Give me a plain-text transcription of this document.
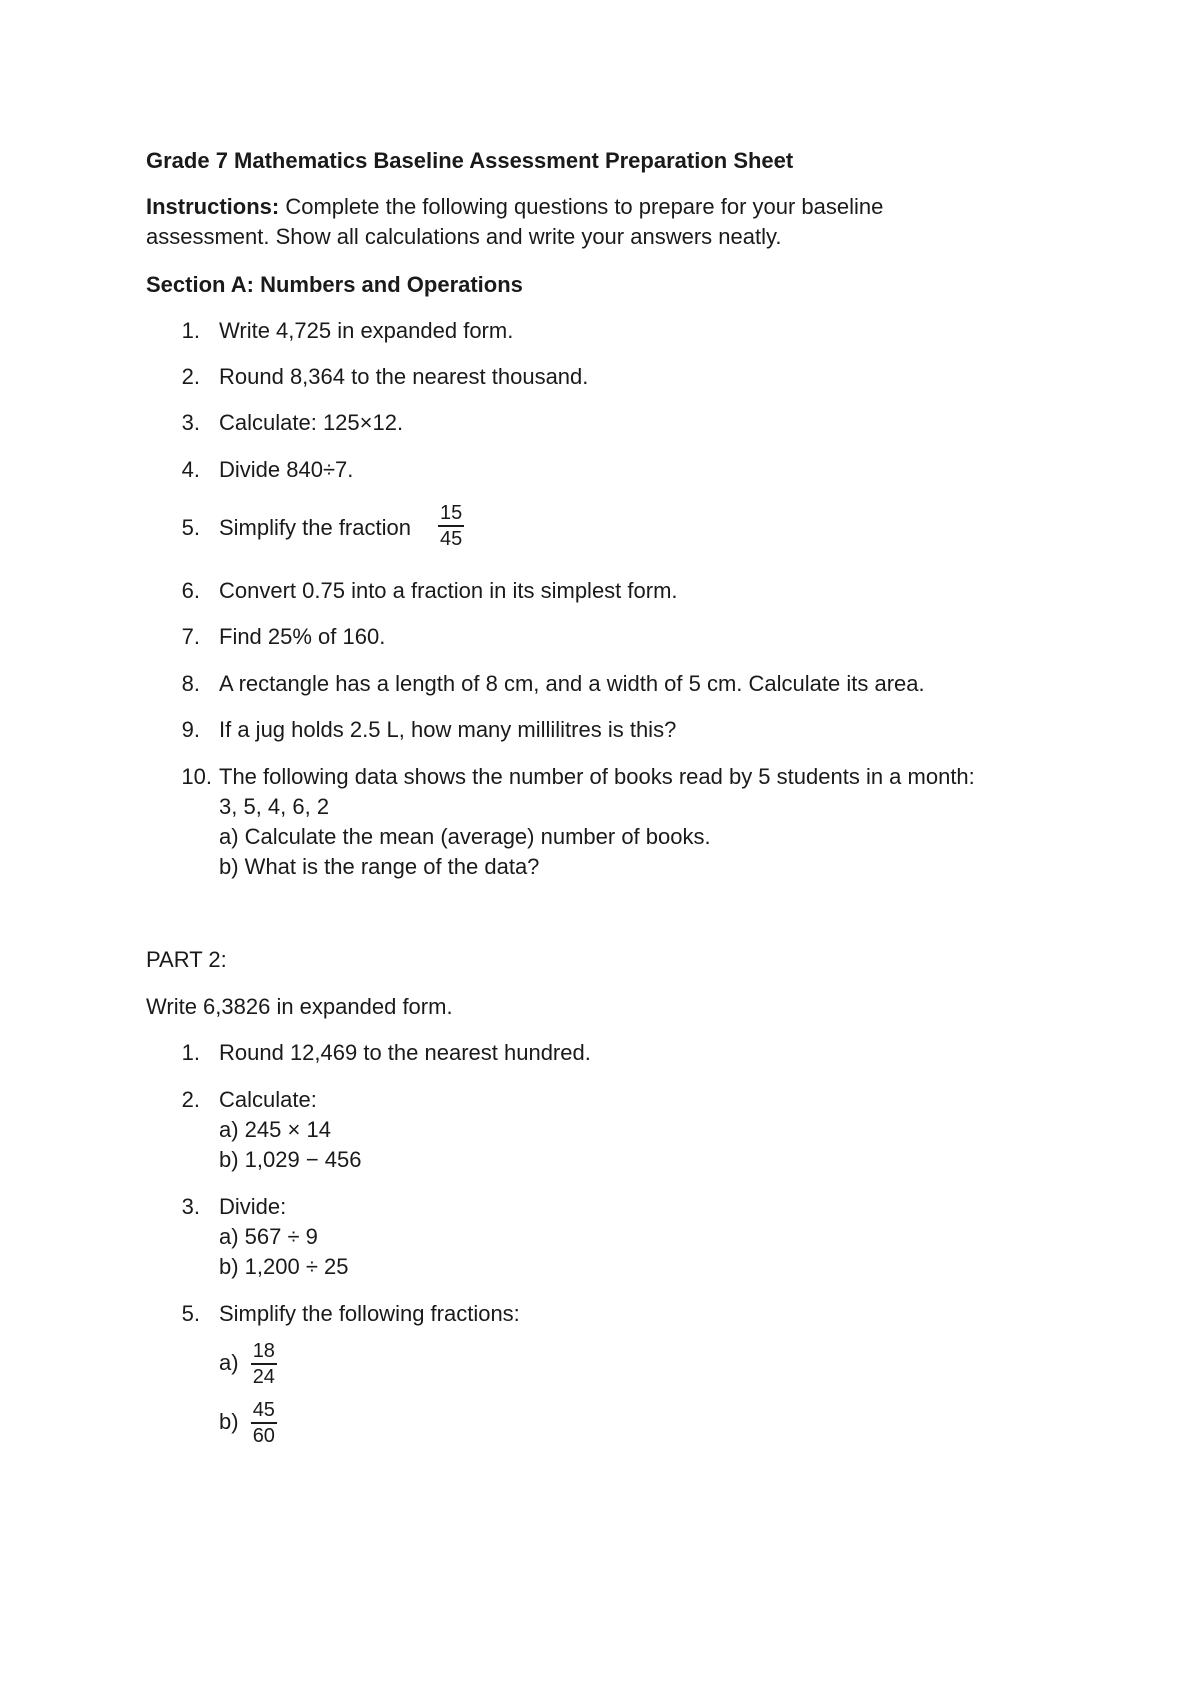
Grade 7 Mathematics Baseline Assessment Preparation Sheet
Instructions: Complete the following questions to prepare for your baseline
assessment. Show all calculations and write your answers neatly.
Section A: Numbers and Operations
1. Write 4,725 in expanded form.
2. Round 8,364 to the nearest thousand.
3. Calculate: 125×12.
4. Divide 840÷7.
5. Simplify the fraction $\frac{15}{45}$
6. Convert 0.75 into a fraction in its simplest form.
7. Find 25% of 160.
8. A rectangle has a length of 8 cm, and a width of 5 cm. Calculate its area.
9. If a jug holds 2.5 L, how many millilitres is this?
10. The following data shows the number of books read by 5 students in a month:
3, 5, 4, 6, 2
a) Calculate the mean (average) number of books.
b) What is the range of the data?
PART 2:
Write 6,3826 in expanded form.
1. Round 12,469 to the nearest hundred.
2. Calculate:
a) 245 × 14
b) 1,029 − 456
3. Divide:
a) 567 ÷ 9
b) 1,200 ÷ 25
5. Simplify the following fractions:
$a) \frac{18}{24}$
$b) \frac{45}{60}$
